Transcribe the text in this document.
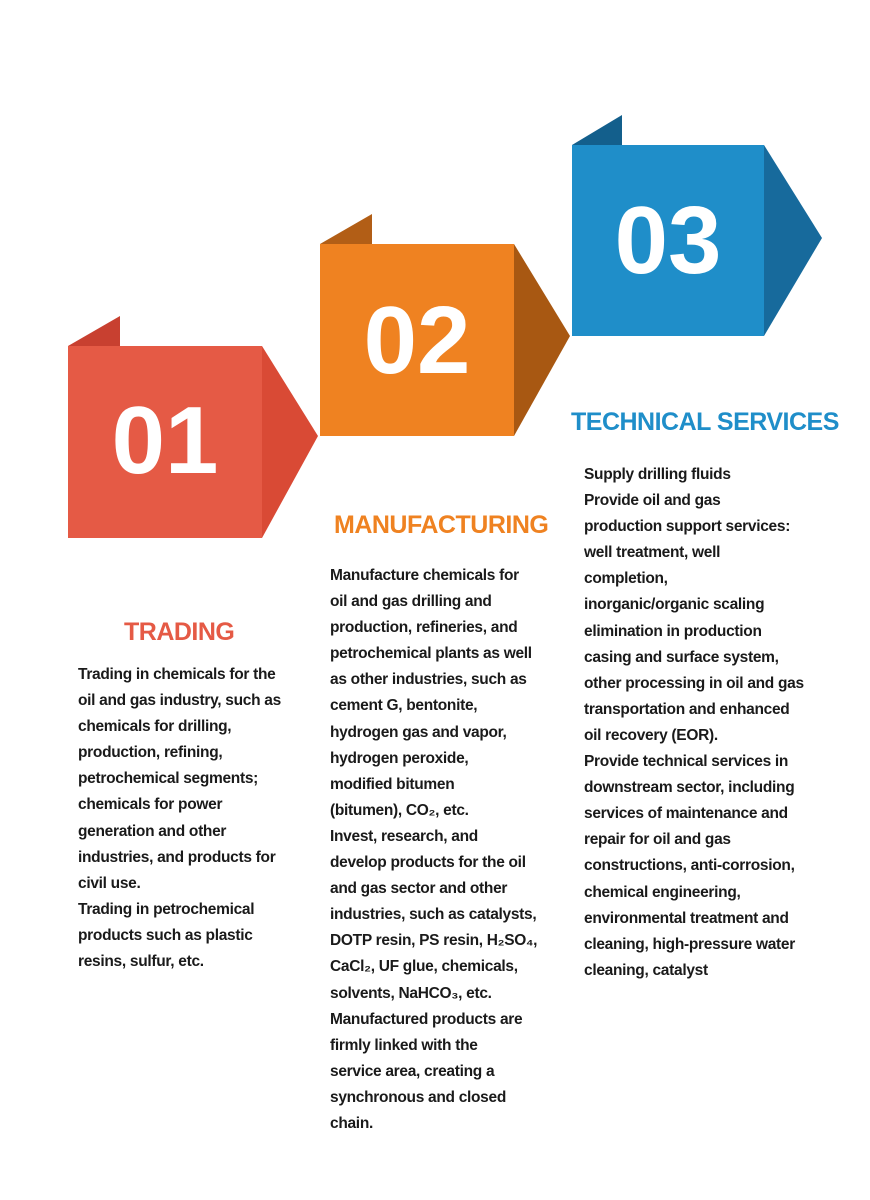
01
02
03
TRADING
Trading in chemicals for the
oil and gas industry, such as
chemicals for drilling,
production, refining,
petrochemical segments;
chemicals for power
generation and other
industries, and products for
civil use.
Trading in petrochemical
products such as plastic
resins, sulfur, etc.
MANUFACTURING
Manufacture chemicals for
oil and gas drilling and
production, refineries, and
petrochemical plants as well
as other industries, such as
cement G, bentonite,
hydrogen gas and vapor,
hydrogen peroxide,
modified bitumen
(bitumen), CO₂, etc.
Invest, research, and
develop products for the oil
and gas sector and other
industries, such as catalysts,
DOTP resin, PS resin, H₂SO₄,
CaCl₂, UF glue, chemicals,
solvents, NaHCO₃, etc.
Manufactured products are
firmly linked with the
service area, creating a
synchronous and closed
chain.
TECHNICAL SERVICES
Supply drilling fluids
Provide oil and gas
production support services:
well treatment, well
completion,
inorganic/organic scaling
elimination in production
casing and surface system,
other processing in oil and gas
transportation and enhanced
oil recovery (EOR).
Provide technical services in
downstream sector, including
services of maintenance and
repair for oil and gas
constructions, anti-corrosion,
chemical engineering,
environmental treatment and
cleaning, high-pressure water
cleaning, catalyst
